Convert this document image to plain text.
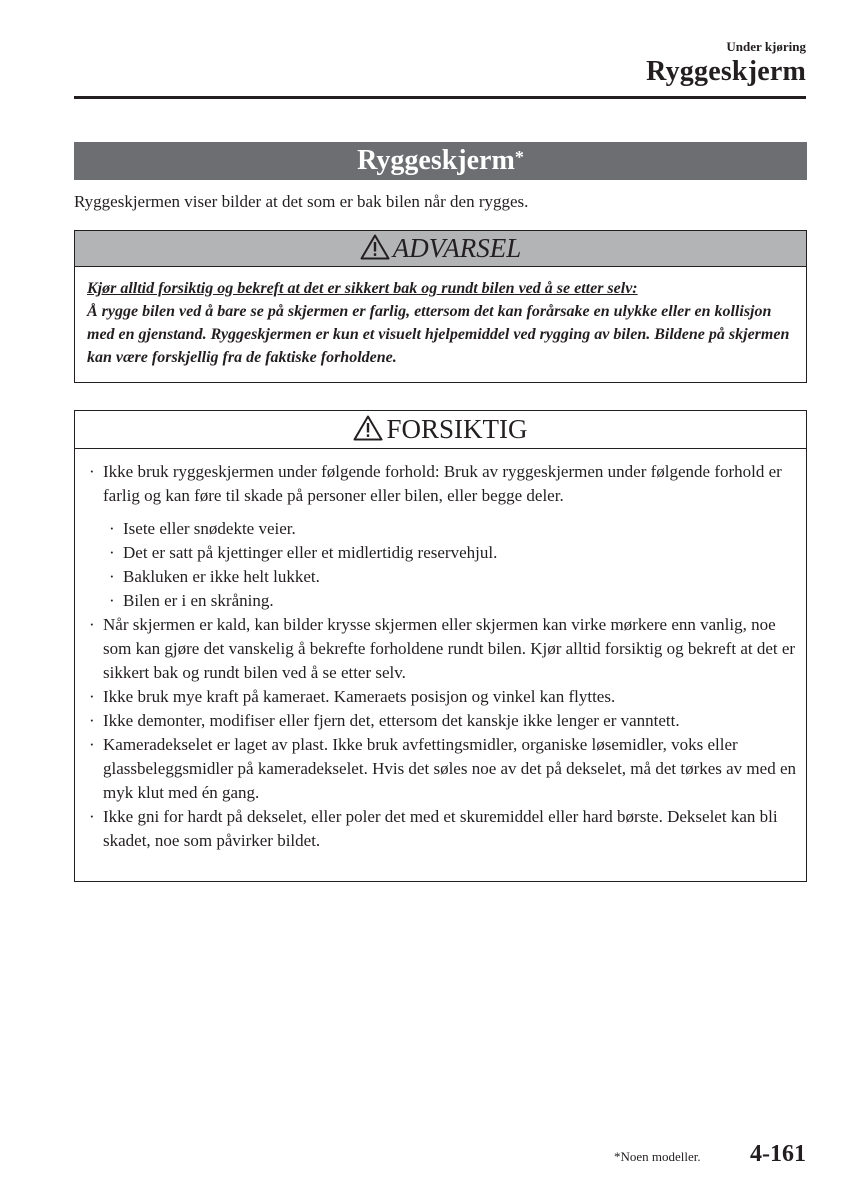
Under kjøring
Ryggeskjerm
Ryggeskjerm*
Ryggeskjermen viser bilder at det som er bak bilen når den rygges.
ADVARSEL
Kjør alltid forsiktig og bekreft at det er sikkert bak og rundt bilen ved å se etter selv:
Å rygge bilen ved å bare se på skjermen er farlig, ettersom det kan forårsake en ulykke eller en kollisjon med en gjenstand. Ryggeskjermen er kun et visuelt hjelpemiddel ved rygging av bilen. Bildene på skjermen kan være forskjellig fra de faktiske forholdene.
FORSIKTIG
· Ikke bruk ryggeskjermen under følgende forhold: Bruk av ryggeskjermen under følgende forhold er farlig og kan føre til skade på personer eller bilen, eller begge deler.
· Isete eller snødekte veier.
· Det er satt på kjettinger eller et midlertidig reservehjul.
· Bakluken er ikke helt lukket.
· Bilen er i en skråning.
· Når skjermen er kald, kan bilder krysse skjermen eller skjermen kan virke mørkere enn vanlig, noe som kan gjøre det vanskelig å bekrefte forholdene rundt bilen. Kjør alltid forsiktig og bekreft at det er sikkert bak og rundt bilen ved å se etter selv.
· Ikke bruk mye kraft på kameraet. Kameraets posisjon og vinkel kan flyttes.
· Ikke demonter, modifiser eller fjern det, ettersom det kanskje ikke lenger er vanntett.
· Kameradekselet er laget av plast. Ikke bruk avfettingsmidler, organiske løsemidler, voks eller glassbeleggsmidler på kameradekselet. Hvis det søles noe av det på dekselet, må det tørkes av med en myk klut med én gang.
· Ikke gni for hardt på dekselet, eller poler det med et skuremiddel eller hard børste. Dekselet kan bli skadet, noe som påvirker bildet.
*Noen modeller. 4-161
